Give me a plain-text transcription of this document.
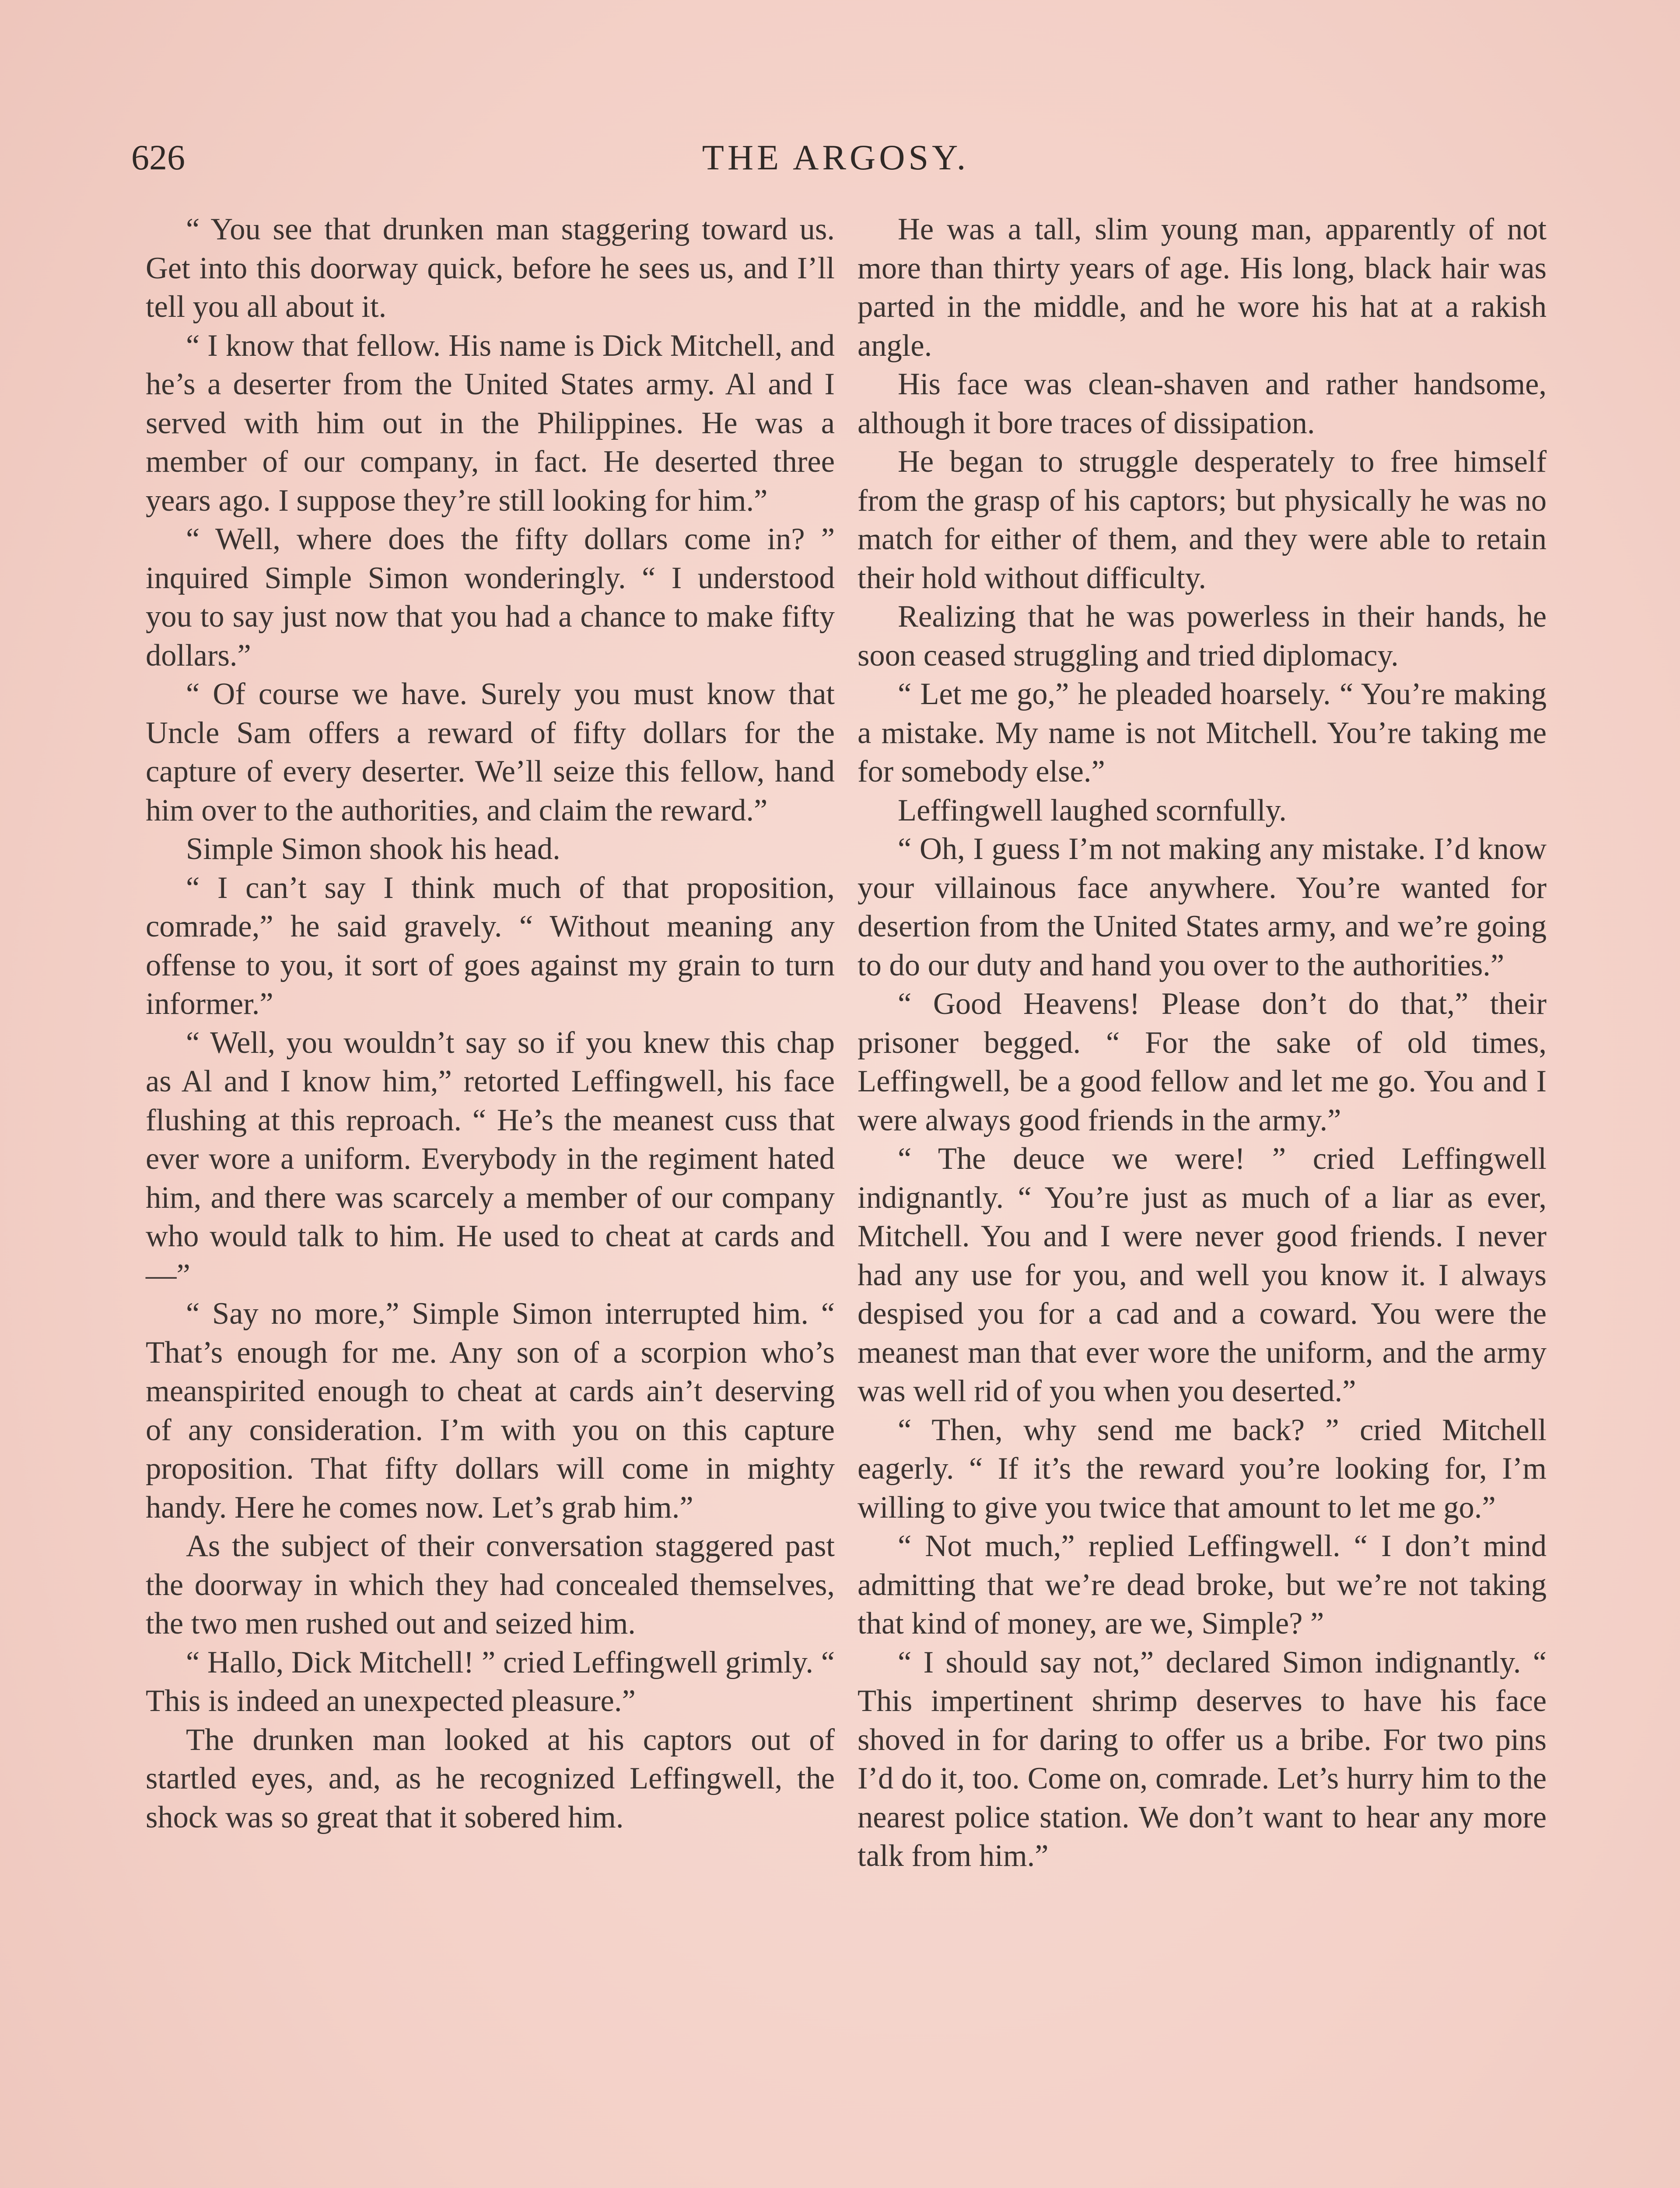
626	THE ARGOSY.

“ You see that drunken man staggering toward us. Get into this doorway quick, before he sees us, and I’ll tell you all about it.

“ I know that fellow. His name is Dick Mitchell, and he’s a deserter from the United States army. Al and I served with him out in the Philippines. He was a member of our company, in fact. He deserted three years ago. I suppose they’re still looking for him.”

“ Well, where does the fifty dollars come in? ” inquired Simple Simon wonderingly. “ I understood you to say just now that you had a chance to make fifty dollars.”

“ Of course we have. Surely you must know that Uncle Sam offers a reward of fifty dollars for the capture of every deserter. We’ll seize this fellow, hand him over to the authorities, and claim the reward.”

Simple Simon shook his head.

“ I can’t say I think much of that proposition, comrade,” he said gravely. “ Without meaning any offense to you, it sort of goes against my grain to turn informer.”

“ Well, you wouldn’t say so if you knew this chap as Al and I know him,” retorted Leffingwell, his face flushing at this reproach. “ He’s the meanest cuss that ever wore a uniform. Everybody in the regiment hated him, and there was scarcely a member of our company who would talk to him. He used to cheat at cards and—”

“ Say no more,” Simple Simon interrupted him. “ That’s enough for me. Any son of a scorpion who’s meanspirited enough to cheat at cards ain’t deserving of any consideration. I’m with you on this capture proposition. That fifty dollars will come in mighty handy. Here he comes now. Let’s grab him.”

As the subject of their conversation staggered past the doorway in which they had concealed themselves, the two men rushed out and seized him.

“ Hallo, Dick Mitchell! ” cried Leffingwell grimly. “ This is indeed an unexpected pleasure.”

The drunken man looked at his captors out of startled eyes, and, as he recognized Leffingwell, the shock was so great that it sobered him.

He was a tall, slim young man, apparently of not more than thirty years of age. His long, black hair was parted in the middle, and he wore his hat at a rakish angle.

His face was clean-shaven and rather handsome, although it bore traces of dissipation.

He began to struggle desperately to free himself from the grasp of his captors; but physically he was no match for either of them, and they were able to retain their hold without difficulty.

Realizing that he was powerless in their hands, he soon ceased struggling and tried diplomacy.

“ Let me go,” he pleaded hoarsely. “ You’re making a mistake. My name is not Mitchell. You’re taking me for somebody else.”

Leffingwell laughed scornfully.

“ Oh, I guess I’m not making any mistake. I’d know your villainous face anywhere. You’re wanted for desertion from the United States army, and we’re going to do our duty and hand you over to the authorities.”

“ Good Heavens! Please don’t do that,” their prisoner begged. “ For the sake of old times, Leffingwell, be a good fellow and let me go. You and I were always good friends in the army.”

“ The deuce we were! ” cried Leffingwell indignantly. “ You’re just as much of a liar as ever, Mitchell. You and I were never good friends. I never had any use for you, and well you know it. I always despised you for a cad and a coward. You were the meanest man that ever wore the uniform, and the army was well rid of you when you deserted.”

“ Then, why send me back? ” cried Mitchell eagerly. “ If it’s the reward you’re looking for, I’m willing to give you twice that amount to let me go.”

“ Not much,” replied Leffingwell. “ I don’t mind admitting that we’re dead broke, but we’re not taking that kind of money, are we, Simple? ”

“ I should say not,” declared Simon indignantly. “ This impertinent shrimp deserves to have his face shoved in for daring to offer us a bribe. For two pins I’d do it, too. Come on, comrade. Let’s hurry him to the nearest police station. We don’t want to hear any more talk from him.”
